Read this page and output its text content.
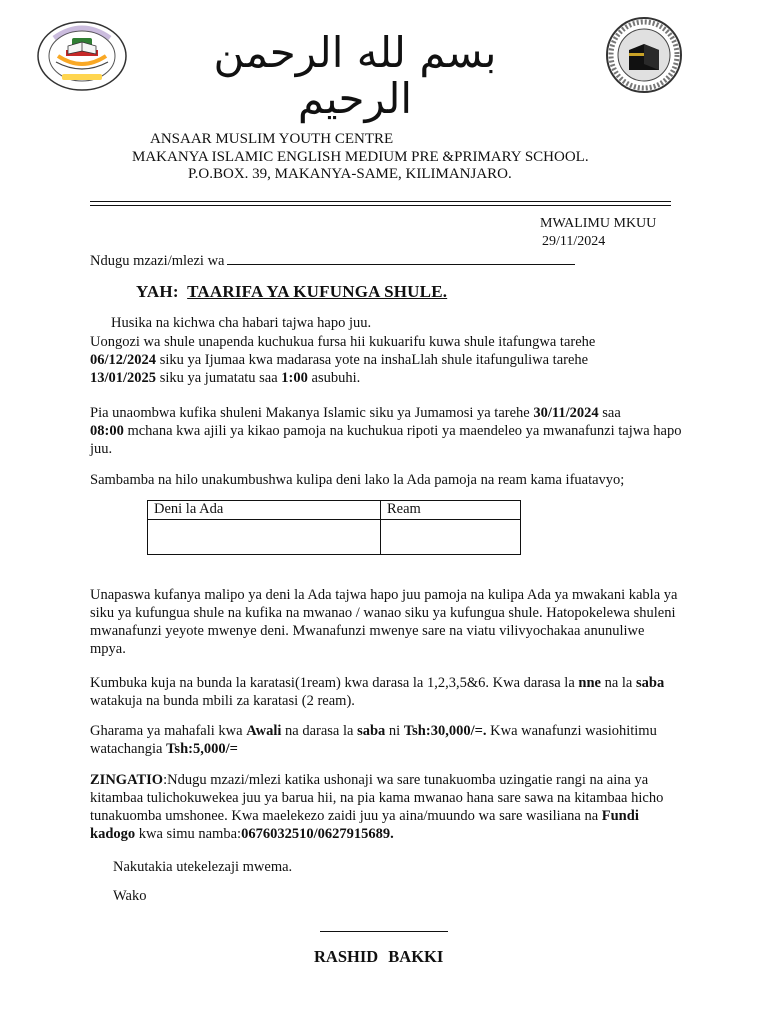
بسم لله الرحمن الرحيم
ANSAAR MUSLIM YOUTH CENTRE
MAKANYA ISLAMIC ENGLISH MEDIUM PRE &PRIMARY SCHOOL.
P.O.BOX. 39, MAKANYA-SAME, KILIMANJARO.
MWALIMU MKUU
29/11/2024
Ndugu mzazi/mlezi wa
YAH: TAARIFA YA KUFUNGA SHULE.
Husika na kichwa cha habari tajwa hapo juu.
Uongozi wa shule unapenda kuchukua fursa hii kukuarifu kuwa shule itafungwa tarehe
06/12/2024 siku ya Ijumaa kwa madarasa yote na inshaLlah shule itafunguliwa tarehe
13/01/2025 siku ya jumatatu saa 1:00 asubuhi.
Pia unaombwa kufika shuleni Makanya Islamic siku ya Jumamosi ya tarehe 30/11/2024 saa
08:00 mchana kwa ajili ya kikao pamoja na kuchukua ripoti ya maendeleo ya mwanafunzi tajwa hapo juu.
Sambamba na hilo unakumbushwa kulipa deni lako la Ada pamoja na ream kama ifuatavyo;
Deni la Ada	Ream

Unapaswa kufanya malipo ya deni la Ada tajwa hapo juu pamoja na kulipa Ada ya mwakani kabla ya siku ya kufungua shule na kufika na mwanao / wanao siku ya kufungua shule. Hatopokelewa shuleni mwanafunzi yeyote mwenye deni. Mwanafunzi mwenye sare na viatu vilivyochakaa anunuliwe mpya.
Kumbuka kuja na bunda la karatasi(1ream) kwa darasa la 1,2,3,5&6. Kwa darasa la nne na la saba watakuja na bunda mbili za karatasi (2 ream).
Gharama ya mahafali kwa Awali na darasa la saba ni Tsh:30,000/=. Kwa wanafunzi wasiohitimu watachangia Tsh:5,000/=
ZINGATIO:Ndugu mzazi/mlezi katika ushonaji wa sare tunakuomba uzingatie rangi na aina ya kitambaa tulichokuwekea juu ya barua hii, na pia kama mwanao hana sare sawa na kitambaa hicho tunakuomba umshonee. Kwa maelekezo zaidi juu ya aina/muundo wa sare wasiliana na Fundi kadogo kwa simu namba:0676032510/0627915689.
Nakutakia utekelezaji mwema.
Wako
RASHID BAKKI
